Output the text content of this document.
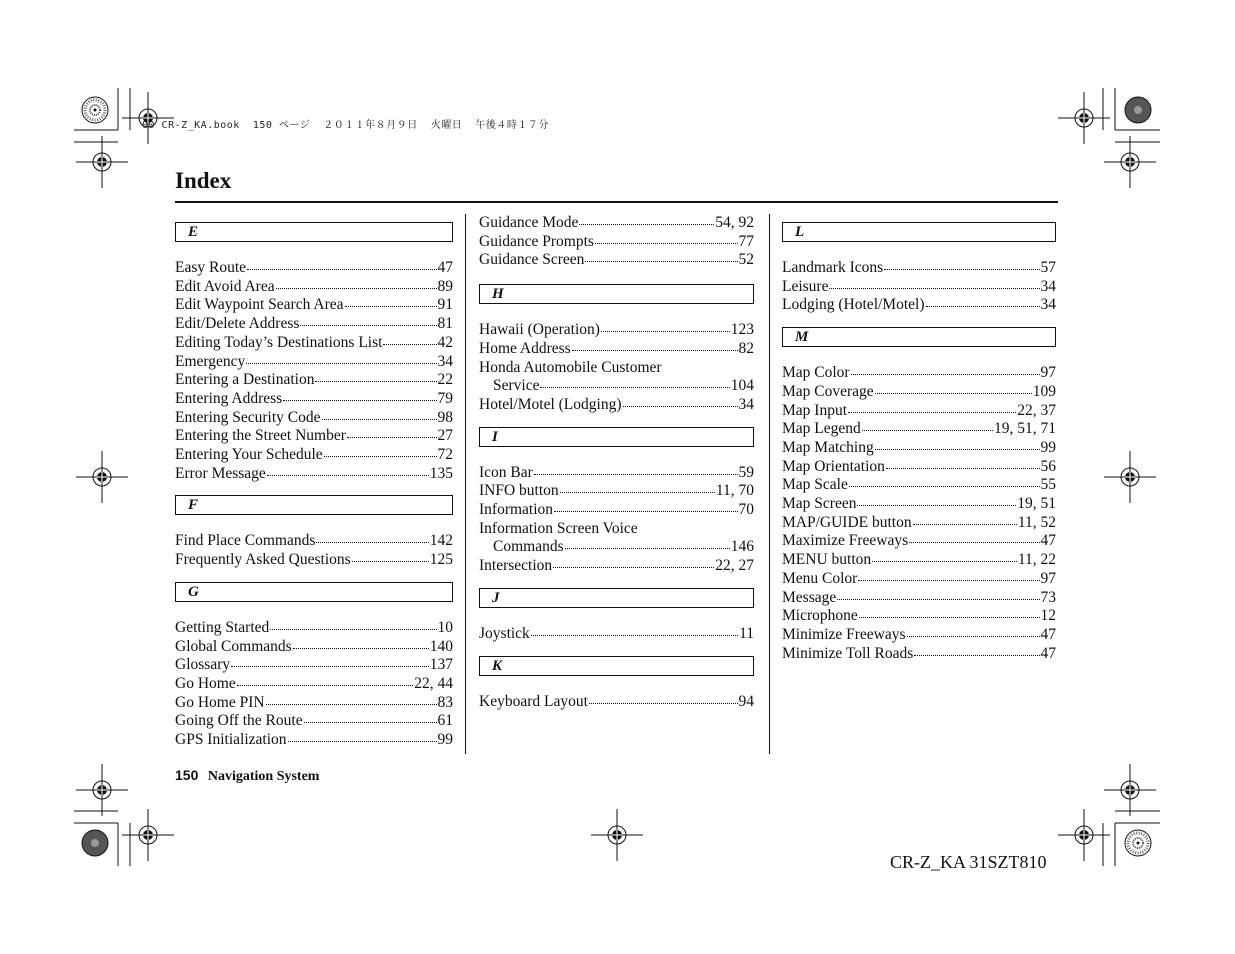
00 CR-Z_KA.book  150 ページ  ２０１１年８月９日  火曜日  午後４時１７分
Index
E
Easy Route	47
Edit Avoid Area	89
Edit Waypoint Search Area	91
Edit/Delete Address	81
Editing Today’s Destinations List	42
Emergency	34
Entering a Destination	22
Entering Address	79
Entering Security Code	98
Entering the Street Number	27
Entering Your Schedule	72
Error Message	135
F
Find Place Commands	142
Frequently Asked Questions	125
G
Getting Started	10
Global Commands	140
Glossary	137
Go Home	22, 44
Go Home PIN	83
Going Off the Route	61
GPS Initialization	99
Guidance Mode	54, 92
Guidance Prompts	77
Guidance Screen	52
H
Hawaii (Operation)	123
Home Address	82
Honda Automobile Customer
Service	104
Hotel/Motel (Lodging)	34
I
Icon Bar	59
INFO button	11, 70
Information	70
Information Screen Voice
Commands	146
Intersection	22, 27
J
Joystick	11
K
Keyboard Layout	94
L
Landmark Icons	57
Leisure	34
Lodging (Hotel/Motel)	34
M
Map Color	97
Map Coverage	109
Map Input	22, 37
Map Legend	19, 51, 71
Map Matching	99
Map Orientation	56
Map Scale	55
Map Screen	19, 51
MAP/GUIDE button	11, 52
Maximize Freeways	47
MENU button	11, 22
Menu Color	97
Message	73
Microphone	12
Minimize Freeways	47
Minimize Toll Roads	47
150 Navigation System
CR-Z_KA 31SZT810
